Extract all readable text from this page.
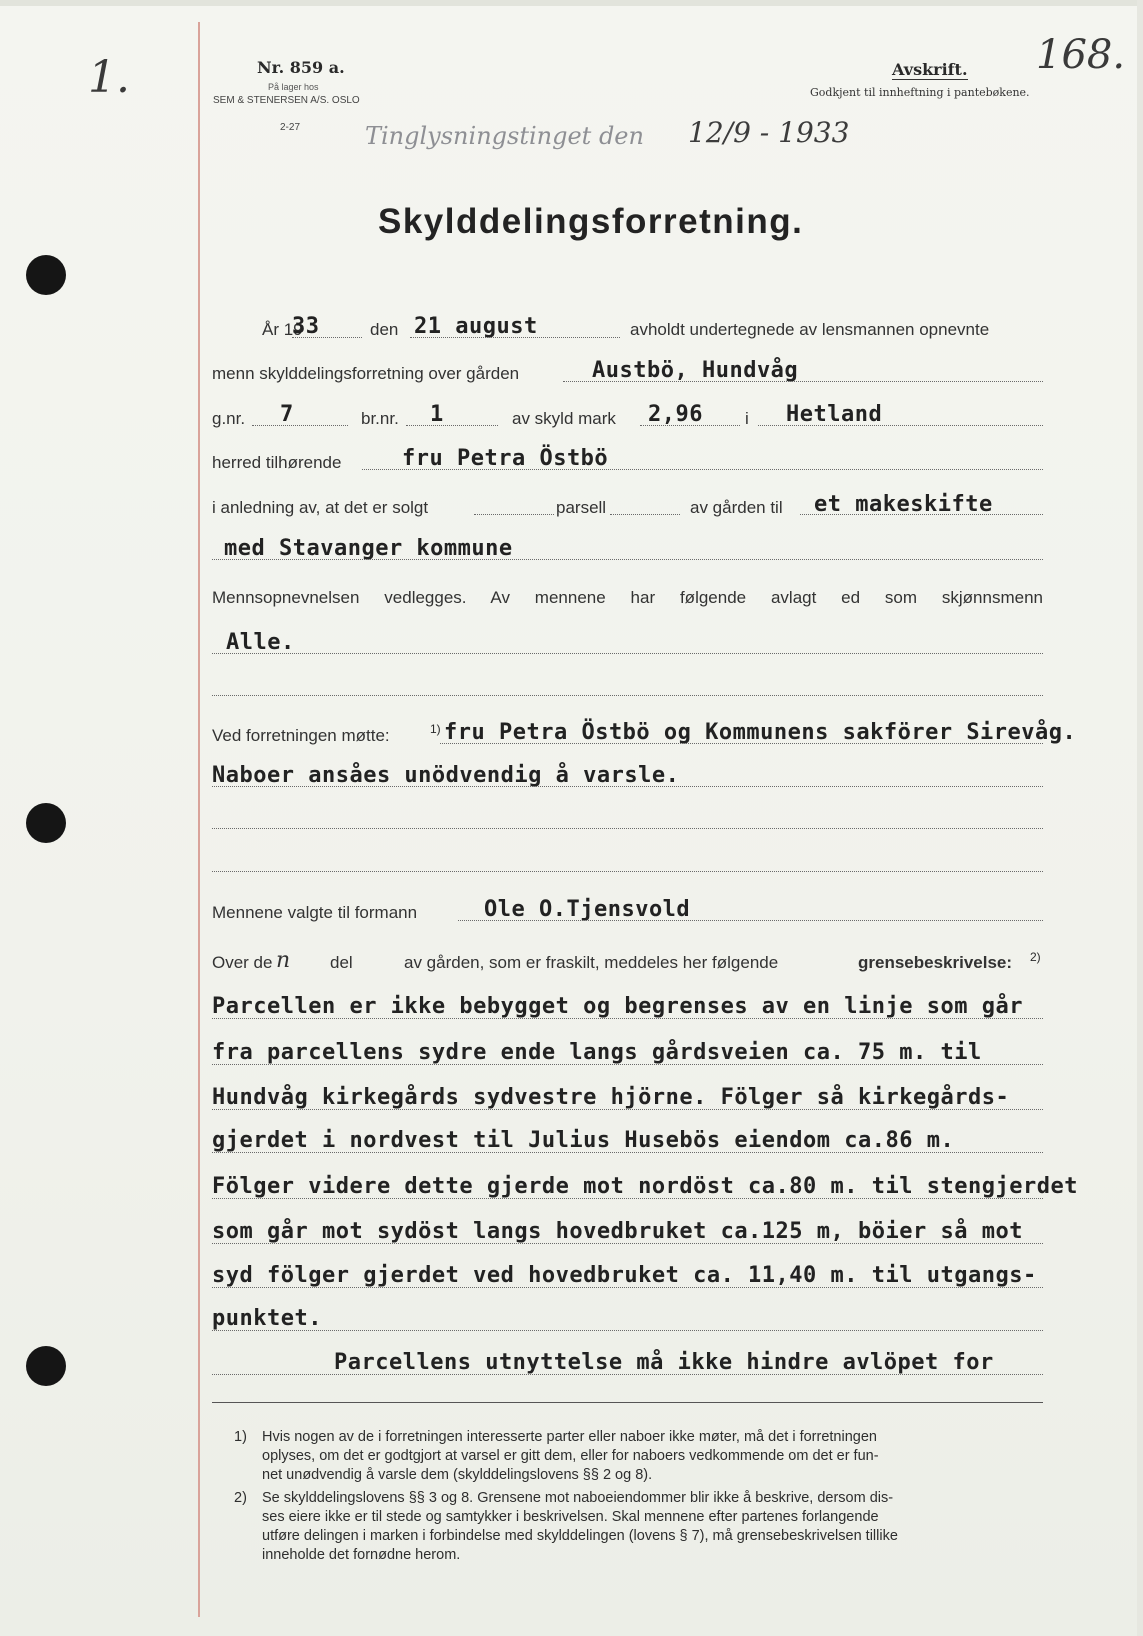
1.	168.
Nr. 859 a.
På lager hos
SEM & STENERSEN A/S. OSLO
2-27
Avskrift.
Godkjent til innheftning i pantebøkene.
Tinglysningstinget den 12/9 - 1933
Skylddelingsforretning.
År 19
33	den 21 august	avholdt undertegnede av lensmannen opnevnte
menn skylddelingsforretning over gården	Austbö, Hundvåg
g.nr. 7	br.nr. 1	av skyld mark 2,96 i Hetland
herred tilhørende	fru Petra Östbö
i anledning av, at det er solgt	parsell	av gården til et makeskifte
med Stavanger kommune
Mennsopnevnelsen vedlegges. Av mennene har følgende avlagt ed som skjønnsmenn
Alle.
Ved forretningen møtte:	1) fru Petra Östbö og Kommunens sakförer Sirevåg.
Naboer ansåes unödvendig å varsle.
Mennene valgte til formann	Ole O.Tjensvold
Over de n del	av gården, som er fraskilt, meddeles her følgende	grensebeskrivelse: 2)
Parcellen er ikke bebygget og begrenses av en linje som går
fra parcellens sydre ende langs gårdsveien ca. 75 m. til
Hundvåg kirkegårds sydvestre hjörne. Fölger så kirkegårds-
gjerdet i nordvest til Julius Husebös eiendom ca.86 m.
Fölger videre dette gjerde mot nordöst ca.80 m. til stengjerdet
som går mot sydöst langs hovedbruket ca.125 m, böier så mot
syd fölger gjerdet ved hovedbruket ca. 11,40 m. til utgangs-
punktet.
Parcellens utnyttelse må ikke hindre avlöpet for
1) Hvis nogen av de i forretningen interesserte parter eller naboer ikke møter, må det i forretningen
oplyses, om det er godtgjort at varsel er gitt dem, eller for naboers vedkommende om det er fun-
net unødvendig å varsle dem (skylddelingslovens §§ 2 og 8).
2) Se skylddelingslovens §§ 3 og 8. Grensene mot naboeiendommer blir ikke å beskrive, dersom dis-
ses eiere ikke er til stede og samtykker i beskrivelsen. Skal mennene efter partenes forlangende
utføre delingen i marken i forbindelse med skylddelingen (lovens § 7), må grensebeskrivelsen tillike
inneholde det fornødne herom.
